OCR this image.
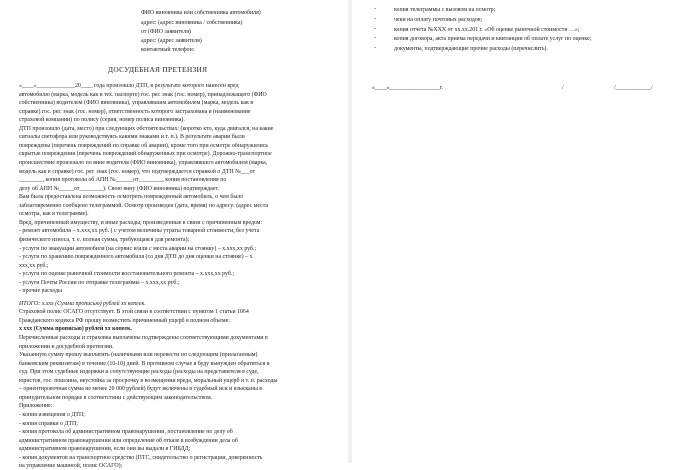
ФИО виновника или собственника автомобиля)
адрес: (адрес виновника / собственника)
от (ФИО заявителя)
адрес: (адрес заявителя)
контактный телефон:
ДОСУДЕБНАЯ ПРЕТЕНЗИЯ
«____»_____________20____ года произошло ДТП, в результате которого нанесен вред
автомобилю (марка, модель как в тех. паспорте) гос. рег. знак (гос. номер), принадлежащего (ФИО
собственника) водителем (ФИО виновника), управлявшим автомобилем (марка, модель как в
справке) гос. рег. знак (гос. номер), ответственность которого застрахована в (наименование
страховой компании) по полису (серия, номер полиса виновника).
ДТП произошло (дата, место) при следующих обстоятельствах: (коротко кто, куда двигался, на какие
сигналы светофора или руководствуясь какими знаками и т. п.). В результате аварии были
повреждены (перечень повреждений по справке об аварии), кроме того при осмотре обнаружились
скрытые повреждения (перечень повреждений обнаруженных при осмотре). Дорожно-транспортное
происшествие произошло по вине водителя (ФИО виновника), управлявшего автомобилем (марка,
модель как в справке) гос. рег. знак (гос. номер), что подтверждается справкой о ДТП №___от
________, копия протокола об АПН №______от________, копия постановления по
делу об АПН №_____от________). Свою вину (ФИО виновника) подтверждает.
Вам была предоставлена возможность осмотреть поврежденный автомобиль, о чем было
заблаговременно сообщено телеграммой. Осмотр произведен (дата, время) по адресу: (адрес места
осмотра, как в телеграмме).
Вред, причиненный имуществу, и иные расходы, произведенные в связи с причиненным вредом:
- ремонт автомобиля – х.ххх,хх руб. ( с учетом величины утраты товарной стоимости, без учета
физического износа, т. е. полная сумма, требующаяся для ремонта);
- услуги по эвакуации автомобиля (на сервис и/или с места аварии на стоянку) – х.ххх,хх руб.;
- услуги по хранению поврежденного автомобиля (со дня ДТП до дня оценки на стоянке) – х
ххх,хх руб.;
- услуги по оценке рыночной стоимости восстановительного ремонта – х.ххх,хх руб.;
- услуги Почты России по отправке телеграммы – х.ххх,хх руб.;
- прочие расходы
ИТОГО: х.ххх (Сумма прописью) рублей хх копеек.
Страховой полис ОСАГО отсутствует. В этой связи в соответствии с пунктом 1 статьи 1064
Гражданского кодекса РФ прошу возместить причиненный ущерб в полном объеме:
х ххх (Сумма прописью) рублей хх копеек.
Перечисленные расходы и страховка выплачены подтверждены соответствующими документами в
приложении к досудебной претензии.
Указанную сумму прошу выплатить (наличными или перевести по следующим (прилагаемым)
банковским реквизитам) в течение (10-10) дней. В противном случае я буду вынужден обратиться в
суд. При этом судебные издержки и сопутствующие расходы (расходы на представителя в суде,
юристов, гос. пошлина, неустойка за просрочку в возмещении вреда, моральный ущерб и т. п. расходы
– ориентировочная сумма не менее 20 000 рублей) будут включены в судебный иск и взысканы в
принудительном порядке в соответствии с действующим законодательством.
Приложение:
- копия извещения о ДТП;
- копия справки о ДТП;
- копия протокола об административном правонарушении, постановление по делу об
административном правонарушении или определение об отказе в возбуждении дела об
административном правонарушении, если они вы выдали в ГИБДД;
- копия документов на транспортное средство (ПТС, свидетельство о регистрации, доверенность
на управление машиной, полис ОСАГО);
-	копия телеграммы с вызовом на осмотр;
-	чеки на оплату почтовых расходов;
-	копия отчета №ХХХ от хх.хх.201 г. «Об оценке рыночной стоимости …»;
-	копия договора, акта приема передачи и квитанции об оплате услуг по оценке;
-	документы, подтверждающие прочие расходы (перечислить).
«____»_________________г.	/	/____________/
